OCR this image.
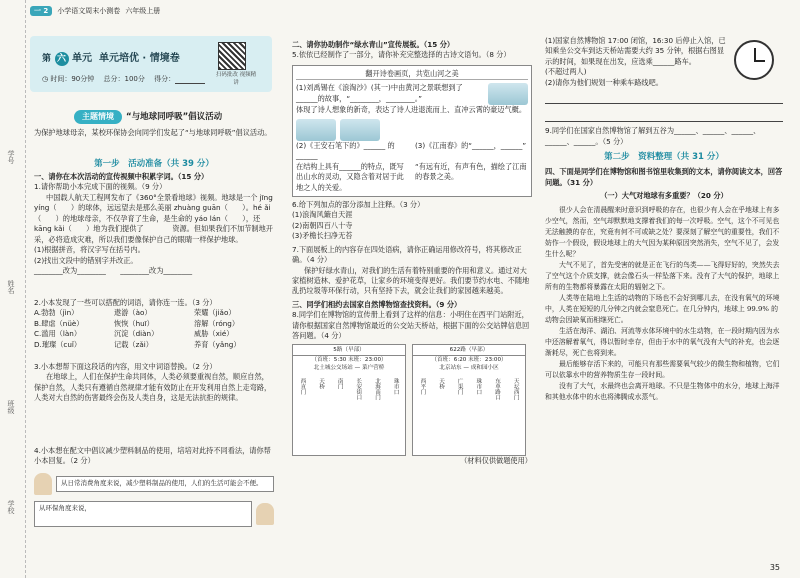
学号
姓名
班级
学校
一 2	小学语文周末小测卷 六年级上册
第 六 单元 单元培优 · 情境卷
◷ 时间：90分钟　 总分：100分　 得分：	扫码批改 视频精讲
主题情境	“与地球同呼吸”倡议活动
为保护地球母亲，某校环保协会向同学们发起了“与地球同呼吸”倡议活动。
第一步　活动准备（共 39 分）
一、请你在本次活动的宣传视频中积累字词。（15 分）
1.请你帮助小本完成下面的视频。（9 分）
中国载人航天工程网发布了《360°全景看地球》视频。地球是一个 jīng yíng（　　）的球体，远远望去是那么美丽 zhuàng guān（　　）。hé ǎi（　　）的地球母亲，不仅孕育了生命，是生命的 yáo lán（　　），还 kāng kǎi（　　）地为我们提供了　　　　资源。但如果我们不加节制地开采，必将造成灾难，所以我们要像保护自己的眼睛一样保护地球。
(1)根据拼音，将汉字写在括号内。
(2)找出文段中的错别字并改正。
________改为________　　________改为________
2.小本发现了一些可以搭配的词语，请你连一连。（3 分）
A.勃勃（jìn）	遨游（ào）	荣耀（jiǎo）
B.肆虐（nüè）	恢恢（huī）	溶解（róng）
C.滥用（làn）	沉淀（diàn）	威胁（xié）
D.璀璨（cuǐ）	记载（zǎi）	养育（yǎng）
3.小本想帮下面这段话的内容，用文中词语替换。（2 分）
在地球上，人们在保护生命共同体，人类必须要重视自然，顺应自然，保护自然，人类只有遵循自然规律才能有效防止在开发利用自然上走弯路，人类对大自然的伤害最终会伤及人类自身，这是无法抗拒的规律。
4.小本想在配文中倡议减少塑料制品的使用，培培对此持不同看法，请你帮小本回复。（2 分）
从日常消费角度来说，减少塑料制品的使用，人们的生活可能会不便。
从环保角度来说，
二、请你协助制作“绿水青山”宣传展板。（15 分）
5.依依已经制作了一部分，请你补充完整选择的古诗文语句。（8 分）
翻开诗卷画页，共览山河之美
(1)刘禹锡在《浪淘沙》(其一)中由黄河之景联想到了______的故事，“________，________。”
体现了诗人想象的新奇，表达了诗人进退流而上、直冲云霄的豪迈气概。
(2)《王安石笔下的》______ 的______
(3)《江南春》的“______，______”
在结构上具有______的特点，既写出山水的灵动，又隐含着对居于此地之人的关爱。
“有远有近，有声有色，描绘了江南的春景之美。
6.给下列加点的部分添加上注释。（3 分）
(1)浪淘风簸自天涯
(2)南朝四百八十寺
(3)矛檐长扫净无苔
7.下面展板上的内容存在四处语病，请你正确运用修改符号，将其修改正确。（4 分）
保护好绿水青山，对我们的生活有着特别重要的作用和意义。通过对大家植树造林、爱护花草，让家乡的环境变得更好。我们要节约水电、不随地乱扔垃圾等环保行动，只有坚持下去，就会让我们的家园越来越美。
三、同学们相约去国家自然博物馆查找资料。（9 分）
8.同学们在博物馆的宣传册上看到了这样的信息：小明住在西平门站附近，请你根据国家自然博物馆最近的公交站天桥站，根据下面的公交站牌信息回答问题。（4 分）
5路（早部）
（首班：5:30 末班：23:00）
北土城公交场站 — 菜户营桥
西直门 天桥 南门 长安街口 北海南门 珠市口
622路（早部）
（首班：6:20 末班：23:00）
北京站东 — 成和园小区
西平门 天桥 广渠门 珠市口 东单路口 天坛西门
（材料仅供做题使用）
(1)国家自然博物馆 17:00 闭馆，16:30 后停止入馆，已知乘坐公交车到达天桥站需要大约 35 分钟，根据右图显示的时间，如果现在出发，应选乘______路车。
(不超过两人)
(2)请你为他们规划一种乘车路线吧。
9.同学们在国家自然博物馆了解到五谷为______、______、______、______、______。（5 分）
第二步　资料整理（共 31 分）
四、下面是同学们在博物馆和图书馆里收集到的文本，请你阅读文本，回答问题。（31 分）
（一）大气对地球有多重要？（20 分）

很少人会在清晨醒来时意识到呼吸的存在，也很少有人会在乎地球上有多少空气，然而，空气却默默地支撑着我们的每一次呼吸。空气，这个不可见也无法触摸的存在，究竟有何不可或缺之处？要深刻了解空气的重要性，我们不妨作一个假设，假设地球上的大气因为某种原因突然消失，空气不见了，会发生什么呢？

大气不见了，首先受害的就是正在飞行的鸟类——飞得好好的，突然失去了空气这个介质支撑，就会像石头一样坠落下来。没有了大气的保护，地球上所有的生物都将暴露在太阳的辐射之下。

人类等在陆地上生活的动物的下场也不会好到哪儿去，在没有氧气的环境中，人类在短短的几分钟之内就会窒息死亡。在几分钟内，地球上 99.9% 的动物会因缺氧而相继死亡。

生活在海洋、湖泊、河流等水体环境中的水生动物，在一段时期内因为水中还溶解着氧气，得以暂时幸存，但由于水中的氧气没有大气的补充，也会逐渐耗尽，死亡也将到来。

最后能够存活下来的，可能只有那些需要氧气较少的微生物和植物，它们可以依靠水中的营养物质生存一段时间。

没有了大气，水最终也会离开地球。不只是生物体中的水分，地球上海洋和其他水体中的水也将沸腾成水蒸气。

35
